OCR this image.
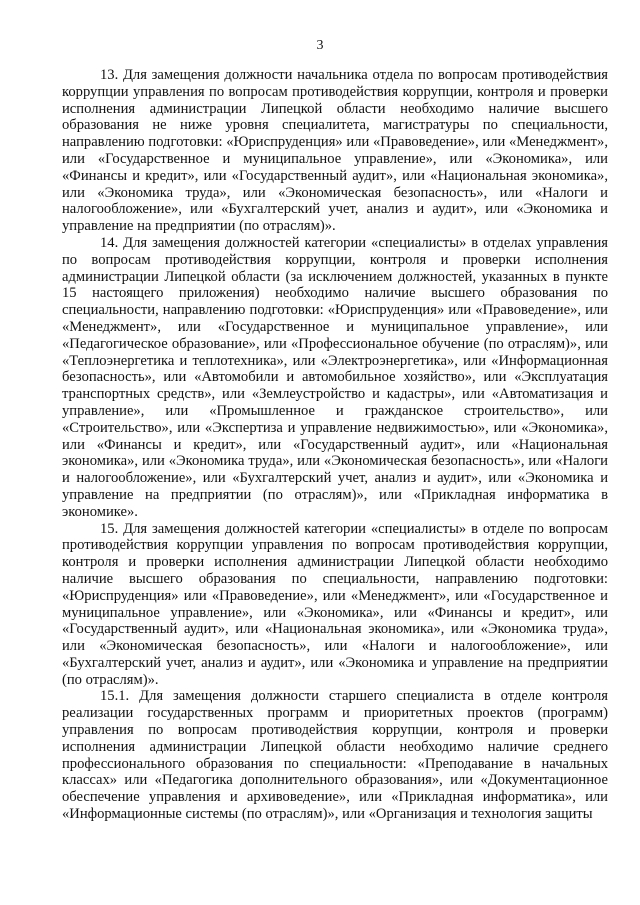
3

13. Для замещения должности начальника отдела по вопросам противодействия коррупции управления по вопросам противодействия коррупции, контроля и проверки исполнения администрации Липецкой области необходимо наличие высшего образования не ниже уровня специалитета, магистратуры по специальности, направлению подготовки: «Юриспруденция» или «Правоведение», или «Менеджмент», или «Государственное и муниципальное управление», или «Экономика», или «Финансы и кредит», или «Государственный аудит», или «Национальная экономика», или «Экономика труда», или «Экономическая безопасность», или «Налоги и налогообложение», или «Бухгалтерский учет, анализ и аудит», или «Экономика и управление на предприятии (по отраслям)».

14. Для замещения должностей категории «специалисты» в отделах управления по вопросам противодействия коррупции, контроля и проверки исполнения администрации Липецкой области (за исключением должностей, указанных в пункте 15 настоящего приложения) необходимо наличие высшего образования по специальности, направлению подготовки: «Юриспруденция» или «Правоведение», или «Менеджмент», или «Государственное и муниципальное управление», или «Педагогическое образование», или «Профессиональное обучение (по отраслям)», или «Теплоэнергетика и теплотехника», или «Электроэнергетика», или «Информационная безопасность», или «Автомобили и автомобильное хозяйство», или «Эксплуатация транспортных средств», или «Землеустройство и кадастры», или «Автоматизация и управление», или «Промышленное и гражданское строительство», или «Строительство», или «Экспертиза и управление недвижимостью», или «Экономика», или «Финансы и кредит», или «Государственный аудит», или «Национальная экономика», или «Экономика труда», или «Экономическая безопасность», или «Налоги и налогообложение», или «Бухгалтерский учет, анализ и аудит», или «Экономика и управление на предприятии (по отраслям)», или «Прикладная информатика в экономике».

15. Для замещения должностей категории «специалисты» в отделе по вопросам противодействия коррупции управления по вопросам противодействия коррупции, контроля и проверки исполнения администрации Липецкой области необходимо наличие высшего образования по специальности, направлению подготовки: «Юриспруденция» или «Правоведение», или «Менеджмент», или «Государственное и муниципальное управление», или «Экономика», или «Финансы и кредит», или «Государственный аудит», или «Национальная экономика», или «Экономика труда», или «Экономическая безопасность», или «Налоги и налогообложение», или «Бухгалтерский учет, анализ и аудит», или «Экономика и управление на предприятии (по отраслям)».

15.1. Для замещения должности старшего специалиста в отделе контроля реализации государственных программ и приоритетных проектов (программ) управления по вопросам противодействия коррупции, контроля и проверки исполнения администрации Липецкой области необходимо наличие среднего профессионального образования по специальности: «Преподавание в начальных классах» или «Педагогика дополнительного образования», или «Документационное обеспечение управления и архивоведение», или «Прикладная информатика», или «Информационные системы (по отраслям)», или «Организация и технология защиты
